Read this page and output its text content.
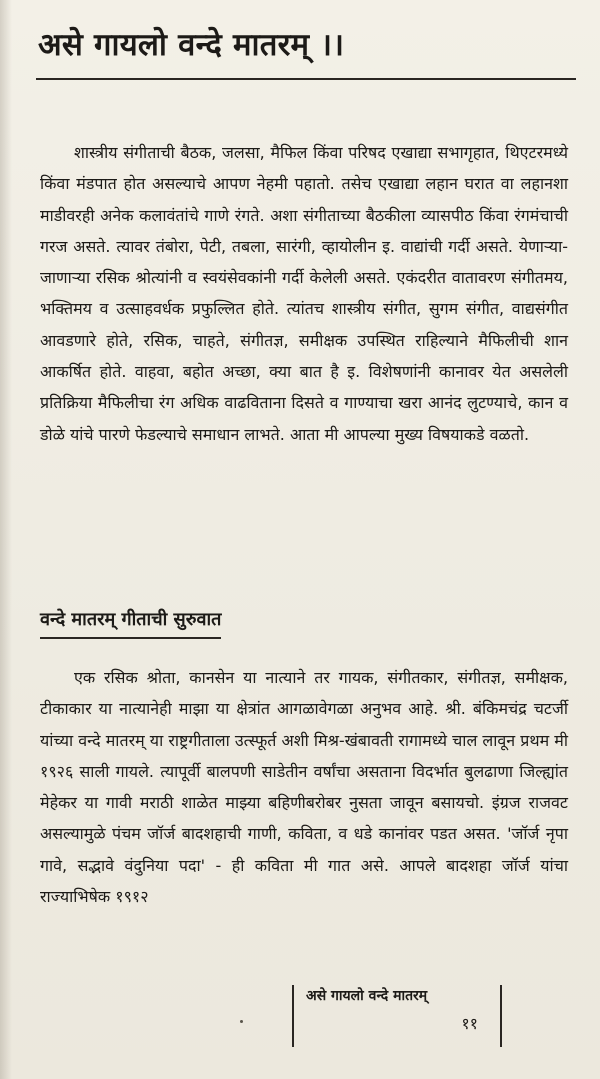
असे गायलो वन्दे मातरम् ।।

शास्त्रीय संगीताची बैठक, जलसा, मैफिल किंवा परिषद एखाद्या सभागृहात, थिएटरमध्ये किंवा मंडपात होत असल्याचे आपण नेहमी पहातो. तसेच एखाद्या लहान घरात वा लहानशा माडीवरही अनेक कलावंतांचे गाणे रंगते. अशा संगीताच्या बैठकीला व्यासपीठ किंवा रंगमंचाची गरज असते. त्यावर तंबोरा, पेटी, तबला, सारंगी, व्हायोलीन इ. वाद्यांची गर्दी असते. येणाऱ्या-जाणाऱ्या रसिक श्रोत्यांनी व स्वयंसेवकांनी गर्दी केलेली असते. एकंदरीत वातावरण संगीतमय, भक्तिमय व उत्साहवर्धक प्रफुल्लित होते. त्यांतच शास्त्रीय संगीत, सुगम संगीत, वाद्यसंगीत आवडणारे होते, रसिक, चाहते, संगीतज्ञ, समीक्षक उपस्थित राहिल्याने मैफिलीची शान आकर्षित होते. वाहवा, बहोत अच्छा, क्या बात है इ. विशेषणांनी कानावर येत असलेली प्रतिक्रिया मैफिलीचा रंग अधिक वाढविताना दिसते व गाण्याचा खरा आनंद लुटण्याचे, कान व डोळे यांचे पारणे फेडल्याचे समाधान लाभते. आता मी आपल्या मुख्य विषयाकडे वळतो.

वन्दे मातरम् गीताची सुरुवात

एक रसिक श्रोता, कानसेन या नात्याने तर गायक, संगीतकार, संगीतज्ञ, समीक्षक, टीकाकार या नात्यानेही माझा या क्षेत्रांत आगळावेगळा अनुभव आहे. श्री. बंकिमचंद्र चटर्जी यांच्या वन्दे मातरम् या राष्ट्रगीताला उत्स्फूर्त अशी मिश्र-खंबावती रागामध्ये चाल लावून प्रथम मी १९२६ साली गायले. त्यापूर्वी बालपणी साडेतीन वर्षांचा असताना विदर्भात बुलढाणा जिल्ह्यांत मेहेकर या गावी मराठी शाळेत माझ्या बहिणीबरोबर नुसता जावून बसायचो. इंग्रज राजवट असल्यामुळे पंचम जॉर्ज बादशहाची गाणी, कविता, व धडे कानांवर पडत असत. 'जॉर्ज नृपा गावे, सद्भावे वंदुनिया पदा' - ही कविता मी गात असे. आपले बादशहा जॉर्ज यांचा राज्याभिषेक १९१२

असे गायलो वन्दे मातरम्
११
